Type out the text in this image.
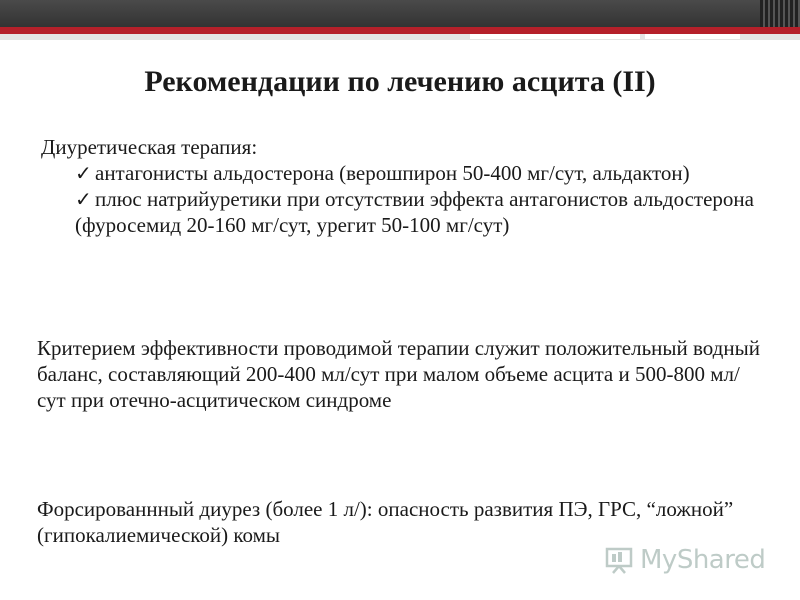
Рекомендации по лечению асцита (II)
Диуретическая терапия:
✓ антагонисты альдостерона (верошпирон 50-400 мг/сут, альдактон)
✓ плюс натрийуретики при отсутствии эффекта антагонистов альдостерона (фуросемид 20-160 мг/сут, урегит 50-100 мг/сут)
Критерием эффективности проводимой терапии служит положительный водный баланс, составляющий 200-400 мл/сут при малом объеме асцита и 500-800 мл/сут при отечно-асцитическом синдроме
Форсированнный диурез (более 1 л/): опасность развития ПЭ, ГРС, “ложной” (гипокалиемической) комы
MyShared
